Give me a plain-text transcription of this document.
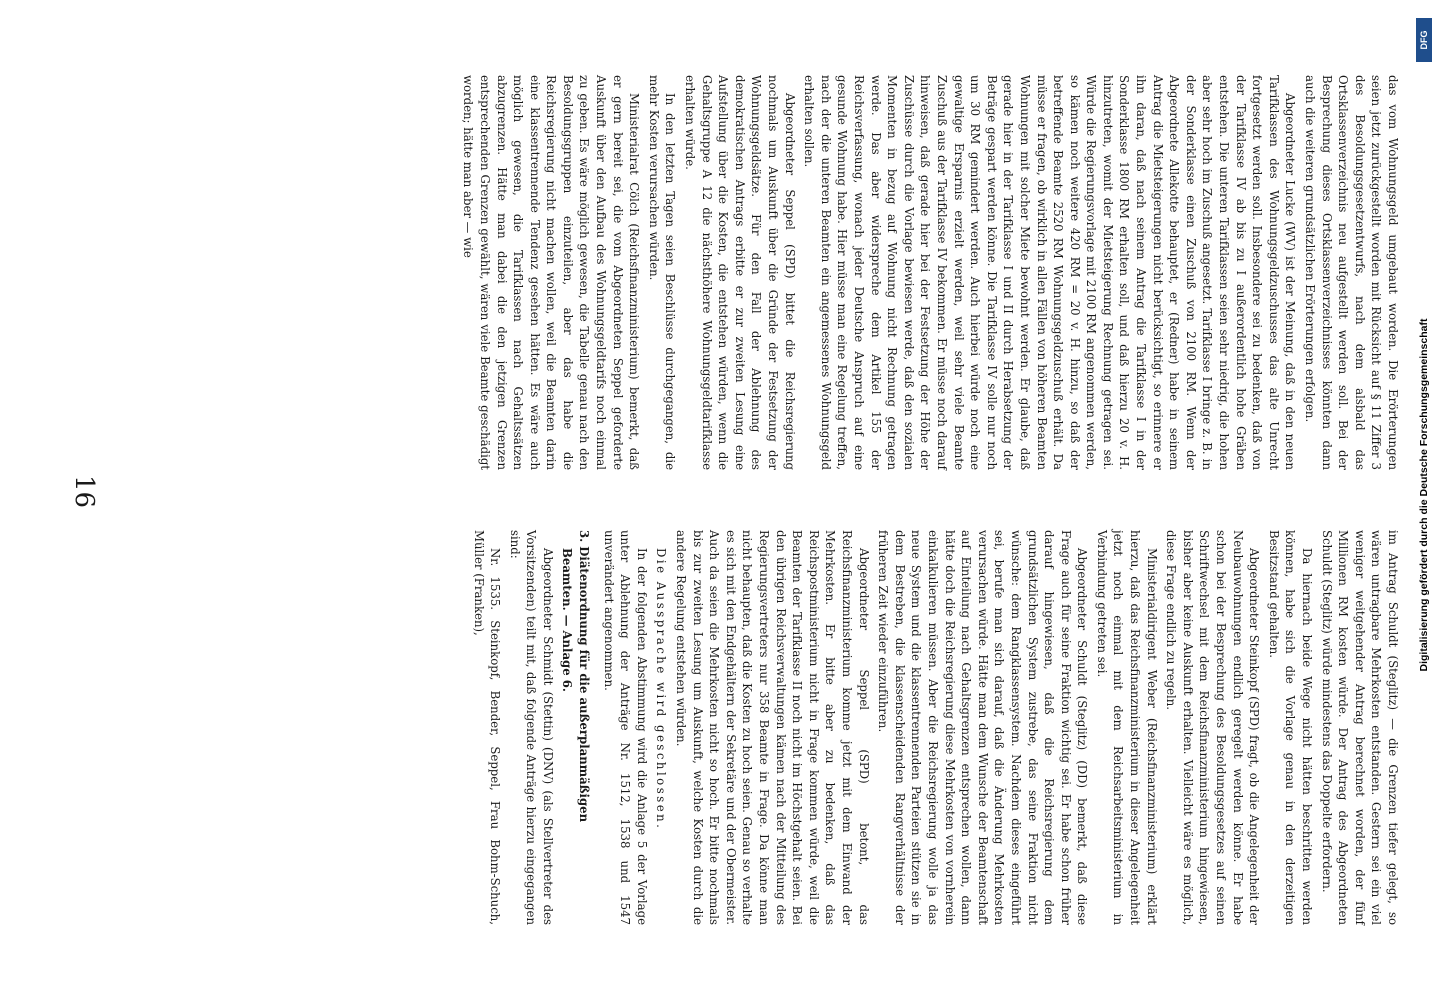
16

das vom Wohnungsgeld umgebaut worden. Die Erörterungen seien jetzt zurückgestellt worden mit Rücksicht auf § 11 Ziffer 3 des Besoldungsgesetzentwurfs, nach dem alsbald das Ortsklassenverzeichnis neu aufgestellt werden soll. Bei der Besprechung dieses Ortsklassenverzeichnisses könnten dann auch die weiteren grundsätzlichen Erörterungen erfolgen.

Abgeordneter Lucke (WV) ist der Meinung, daß in den neuen Tarifklassen des Wohnungsgeldzuschusses das alte Unrecht fortgesetzt werden soll. Insbesondere sei zu bedenken, daß von der Tarifklasse IV ab bis zu I außerordentlich hohe Gräben entstehen. Die unteren Tarifklassen seien sehr niedrig, die hohen aber sehr hoch im Zuschuß angesetzt. Tarifklasse I bringe z. B. in der Sonderklasse einen Zuschuß von 2100 RM. Wenn der Abgeordnete Allekotte behauptet, er (Redner) habe in seinem Antrag die Mietsteigerungen nicht berücksichtigt, so erinnere er ihn daran, daß nach seinem Antrag die Tarifklasse I in der Sonderklasse 1800 RM erhalten soll, und daß hierzu 20 v. H. hinzutreten, womit der Mietsteigerung Rechnung getragen sei. Würde die Regierungsvorlage mit 2100 RM angenommen werden, so kämen noch weitere 420 RM = 20 v. H. hinzu, so daß der betreffende Beamte 2520 RM Wohnungsgeldzuschuß erhält. Da müsse er fragen, ob wirklich in allen Fällen von höheren Beamten Wohnungen mit solcher Miete bewohnt werden. Er glaube, daß gerade hier in der Tarifklasse I und II durch Herabsetzung der Beträge gespart werden könne. Die Tarifklasse IV solle nur noch um 30 RM gemindert werden. Auch hierbei würde noch eine gewaltige Ersparnis erzielt werden, weil sehr viele Beamte Zuschuß aus der Tarifklasse IV bekommen. Er müsse noch darauf hinweisen, daß gerade hier bei der Festsetzung der Höhe der Zuschüsse durch die Vorlage bewiesen werde, daß den sozialen Momenten in bezug auf Wohnung nicht Rechnung getragen werde. Das aber widerspreche dem Artikel 155 der Reichsverfassung, wonach jeder Deutsche Anspruch auf eine gesunde Wohnung habe. Hier müsse man eine Regelung treffen, nach der die unteren Beamten ein angemessenes Wohnungsgeld erhalten sollen.

Abgeordneter Seppel (SPD) bittet die Reichsregierung nochmals um Auskunft über die Gründe der Festsetzung der Wohnungsgeldsätze. Für den Fall der Ablehnung des demokratischen Antrags erbitte er zur zweiten Lesung eine Aufstellung über die Kosten, die entstehen würden, wenn die Gehaltsgruppe A 12 die nächsthöhere Wohnungsgeldtarifklasse erhalten würde.

In den letzten Tagen seien Beschlüsse durchgegangen, die mehr Kosten verursachen würden.

Ministerialrat Cölch (Reichsfinanzministerium) bemerkt, daß er gern bereit sei, die vom Abgeordneten Seppel geforderte Auskunft über den Aufbau des Wohnungsgeldtarifs noch einmal zu geben. Es wäre möglich gewesen, die Tabelle genau nach den Besoldungsgruppen einzuteilen, aber das habe die Reichsregierung nicht machen wollen, weil die Beamten darin eine klassentrennende Tendenz gesehen hätten. Es wäre auch möglich gewesen, die Tarifklassen nach Gehaltssätzen abzugrenzen. Hätte man dabei die den jetzigen Grenzen entsprechenden Grenzen gewählt, wären viele Beamte geschädigt worden; hätte man aber — wie

im Antrag Schuldt (Steglitz) — die Grenzen tiefer gelegt, so wären untragbare Mehrkosten entstanden. Gestern sei ein viel weniger weitgehender Antrag berechnet worden, der fünf Millionen RM kosten würde. Der Antrag des Abgeordneten Schuldt (Steglitz) würde mindestens das Doppelte erfordern.

Da hiernach beide Wege nicht hätten beschritten werden können, habe sich die Vorlage genau in den derzeitigen Besitzstand gehalten.

Abgeordneter Steinkopf (SPD) fragt, ob die Angelegenheit der Neubauwohnungen endlich geregelt werden könne. Er habe schon bei der Besprechung des Besoldungsgesetzes auf seinen Schriftwechsel mit dem Reichsfinanzministerium hingewiesen, bisher aber keine Auskunft erhalten. Vielleicht wäre es möglich, diese Frage endlich zu regeln.

Ministerialdirigent Weber (Reichsfinanzministerium) erklärt hierzu, daß das Reichsfinanzministerium in dieser Angelegenheit jetzt noch einmal mit dem Reichsarbeitsministerium in Verbindung getreten sei.

Abgeordneter Schuldt (Steglitz) (DD) bemerkt, daß diese Frage auch für seine Fraktion wichtig sei. Er habe schon früher darauf hingewiesen, daß die Reichsregierung dem grundsätzlichen System zustrebe, das seine Fraktion nicht wünsche: dem Rangklassensystem. Nachdem dieses eingeführt sei, berufe man sich darauf, daß die Änderung Mehrkosten verursachen würde. Hätte man dem Wunsche der Beamtenschaft auf Einteilung nach Gehaltsgrenzen entsprechen wollen, dann hätte doch die Reichsregierung diese Mehrkosten von vornherein einkalkulieren müssen. Aber die Reichsregierung wolle ja das neue System und die klassentrennenden Parteien stützen sie in dem Bestreben, die klassenscheidenden Rangverhältnisse der früheren Zeit wieder einzuführen.

Abgeordneter Seppel (SPD) betont, das Reichsfinanzministerium komme jetzt mit dem Einwand der Mehrkosten. Er bitte aber zu bedenken, daß das Reichspostministerium nicht in Frage kommen würde, weil die Beamten der Tarifklasse II noch nicht im Höchstgehalt seien. Bei den übrigen Reichsverwaltungen kämen nach der Mitteilung des Regierungsvertreters nur 358 Beamte in Frage. Da könne man nicht behaupten, daß die Kosten zu hoch seien. Genau so verhalte es sich mit den Endgehältern der Sekretäre und der Obermeister. Auch da seien die Mehrkosten nicht so hoch. Er bitte nochmals bis zur zweiten Lesung um Auskunft, welche Kosten durch die andere Regelung entstehen würden.

Die Aussprache wird geschlossen.

In der folgenden Abstimmung wird die Anlage 5 der Vorlage unter Ablehnung der Anträge Nr. 1512, 1538 und 1547 unverändert angenommen.

3. Diätenordnung für die außerplanmäßigen
Beamten. — Anlage 6.

Abgeordneter Schmidt (Stettin) (DNV) (als Stellvertreter des Vorsitzenden) teilt mit, daß folgende Anträge hierzu eingegangen sind:

Nr. 1535. Steinkopf, Bender, Seppel, Frau Bohm-Schuch, Müller (Franken),

DFG
Digitalisierung gefördert durch die Deutsche Forschungsgemeinschaft
